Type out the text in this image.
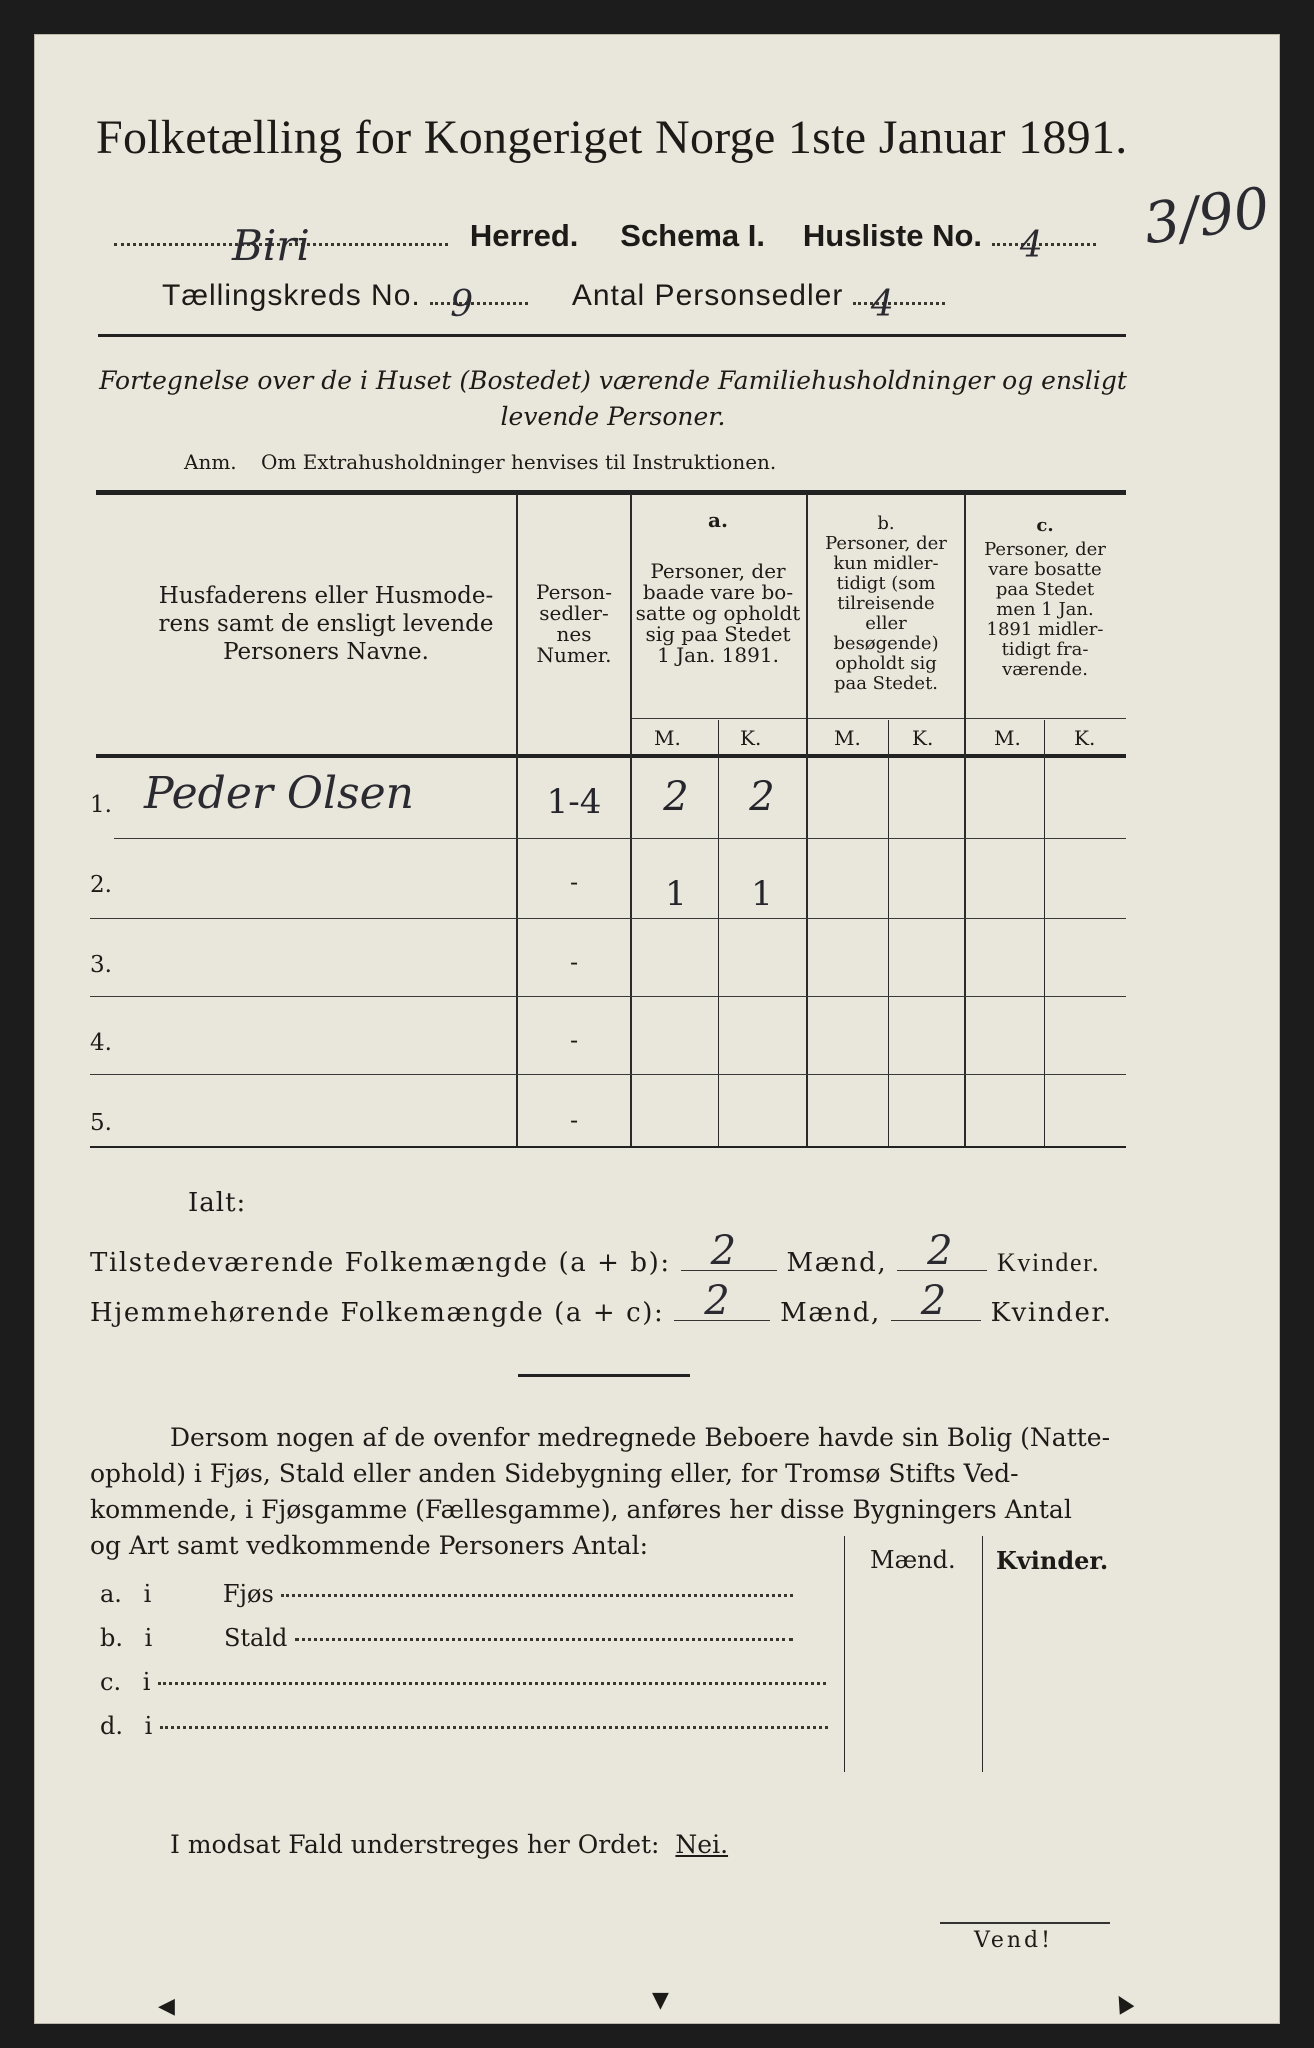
Folketælling for Kongeriget Norge 1ste Januar 1891.
Biri	Herred. Schema I. Husliste No. 4 3/90
Tællingskreds No. 9	Antal Personsedler 4
Fortegnelse over de i Huset (Bostedet) værende Familiehusholdninger og ensligt
levende Personer.
Anm. Om Extrahusholdninger henvises til Instruktionen.
Husfaderens eller Husmode-
rens samt de ensligt levende
Personers Navne.
Person-
sedler-
nes
Numer.
a.
Personer, der
baade vare bo-
satte og opholdt
sig paa Stedet
1 Jan. 1891.
b.
Personer, der
kun midler-
tidigt (som
tilreisende
eller
besøgende)
opholdt sig
paa Stedet.
c.
Personer, der
vare bosatte
paa Stedet
men 1 Jan.
1891 midler-
tidigt fra-
værende.
M.	K.	M.	K.	M.	K.
1. Peder Olsen	1-4	2	2
2.	-	1	1
3.	-
4.	-
5.	-
Ialt:
Tilstedeværende Folkemængde (a + b): 2 Mænd, 2 Kvinder.
Hjemmehørende Folkemængde (a + c): 2 Mænd, 2 Kvinder.
Dersom nogen af de ovenfor medregnede Beboere havde sin Bolig (Natte-
ophold) i Fjøs, Stald eller anden Sidebygning eller, for Tromsø Stifts Ved-
kommende, i Fjøsgamme (Fællesgamme), anføres her disse Bygningers Antal
og Art samt vedkommende Personers Antal:	Mænd. Kvinder.
a. i	Fjøs
b. i	Stald
c. i
d. i
I modsat Fald understreges her Ordet: Nei.
Vend!
◀	▼	▲
